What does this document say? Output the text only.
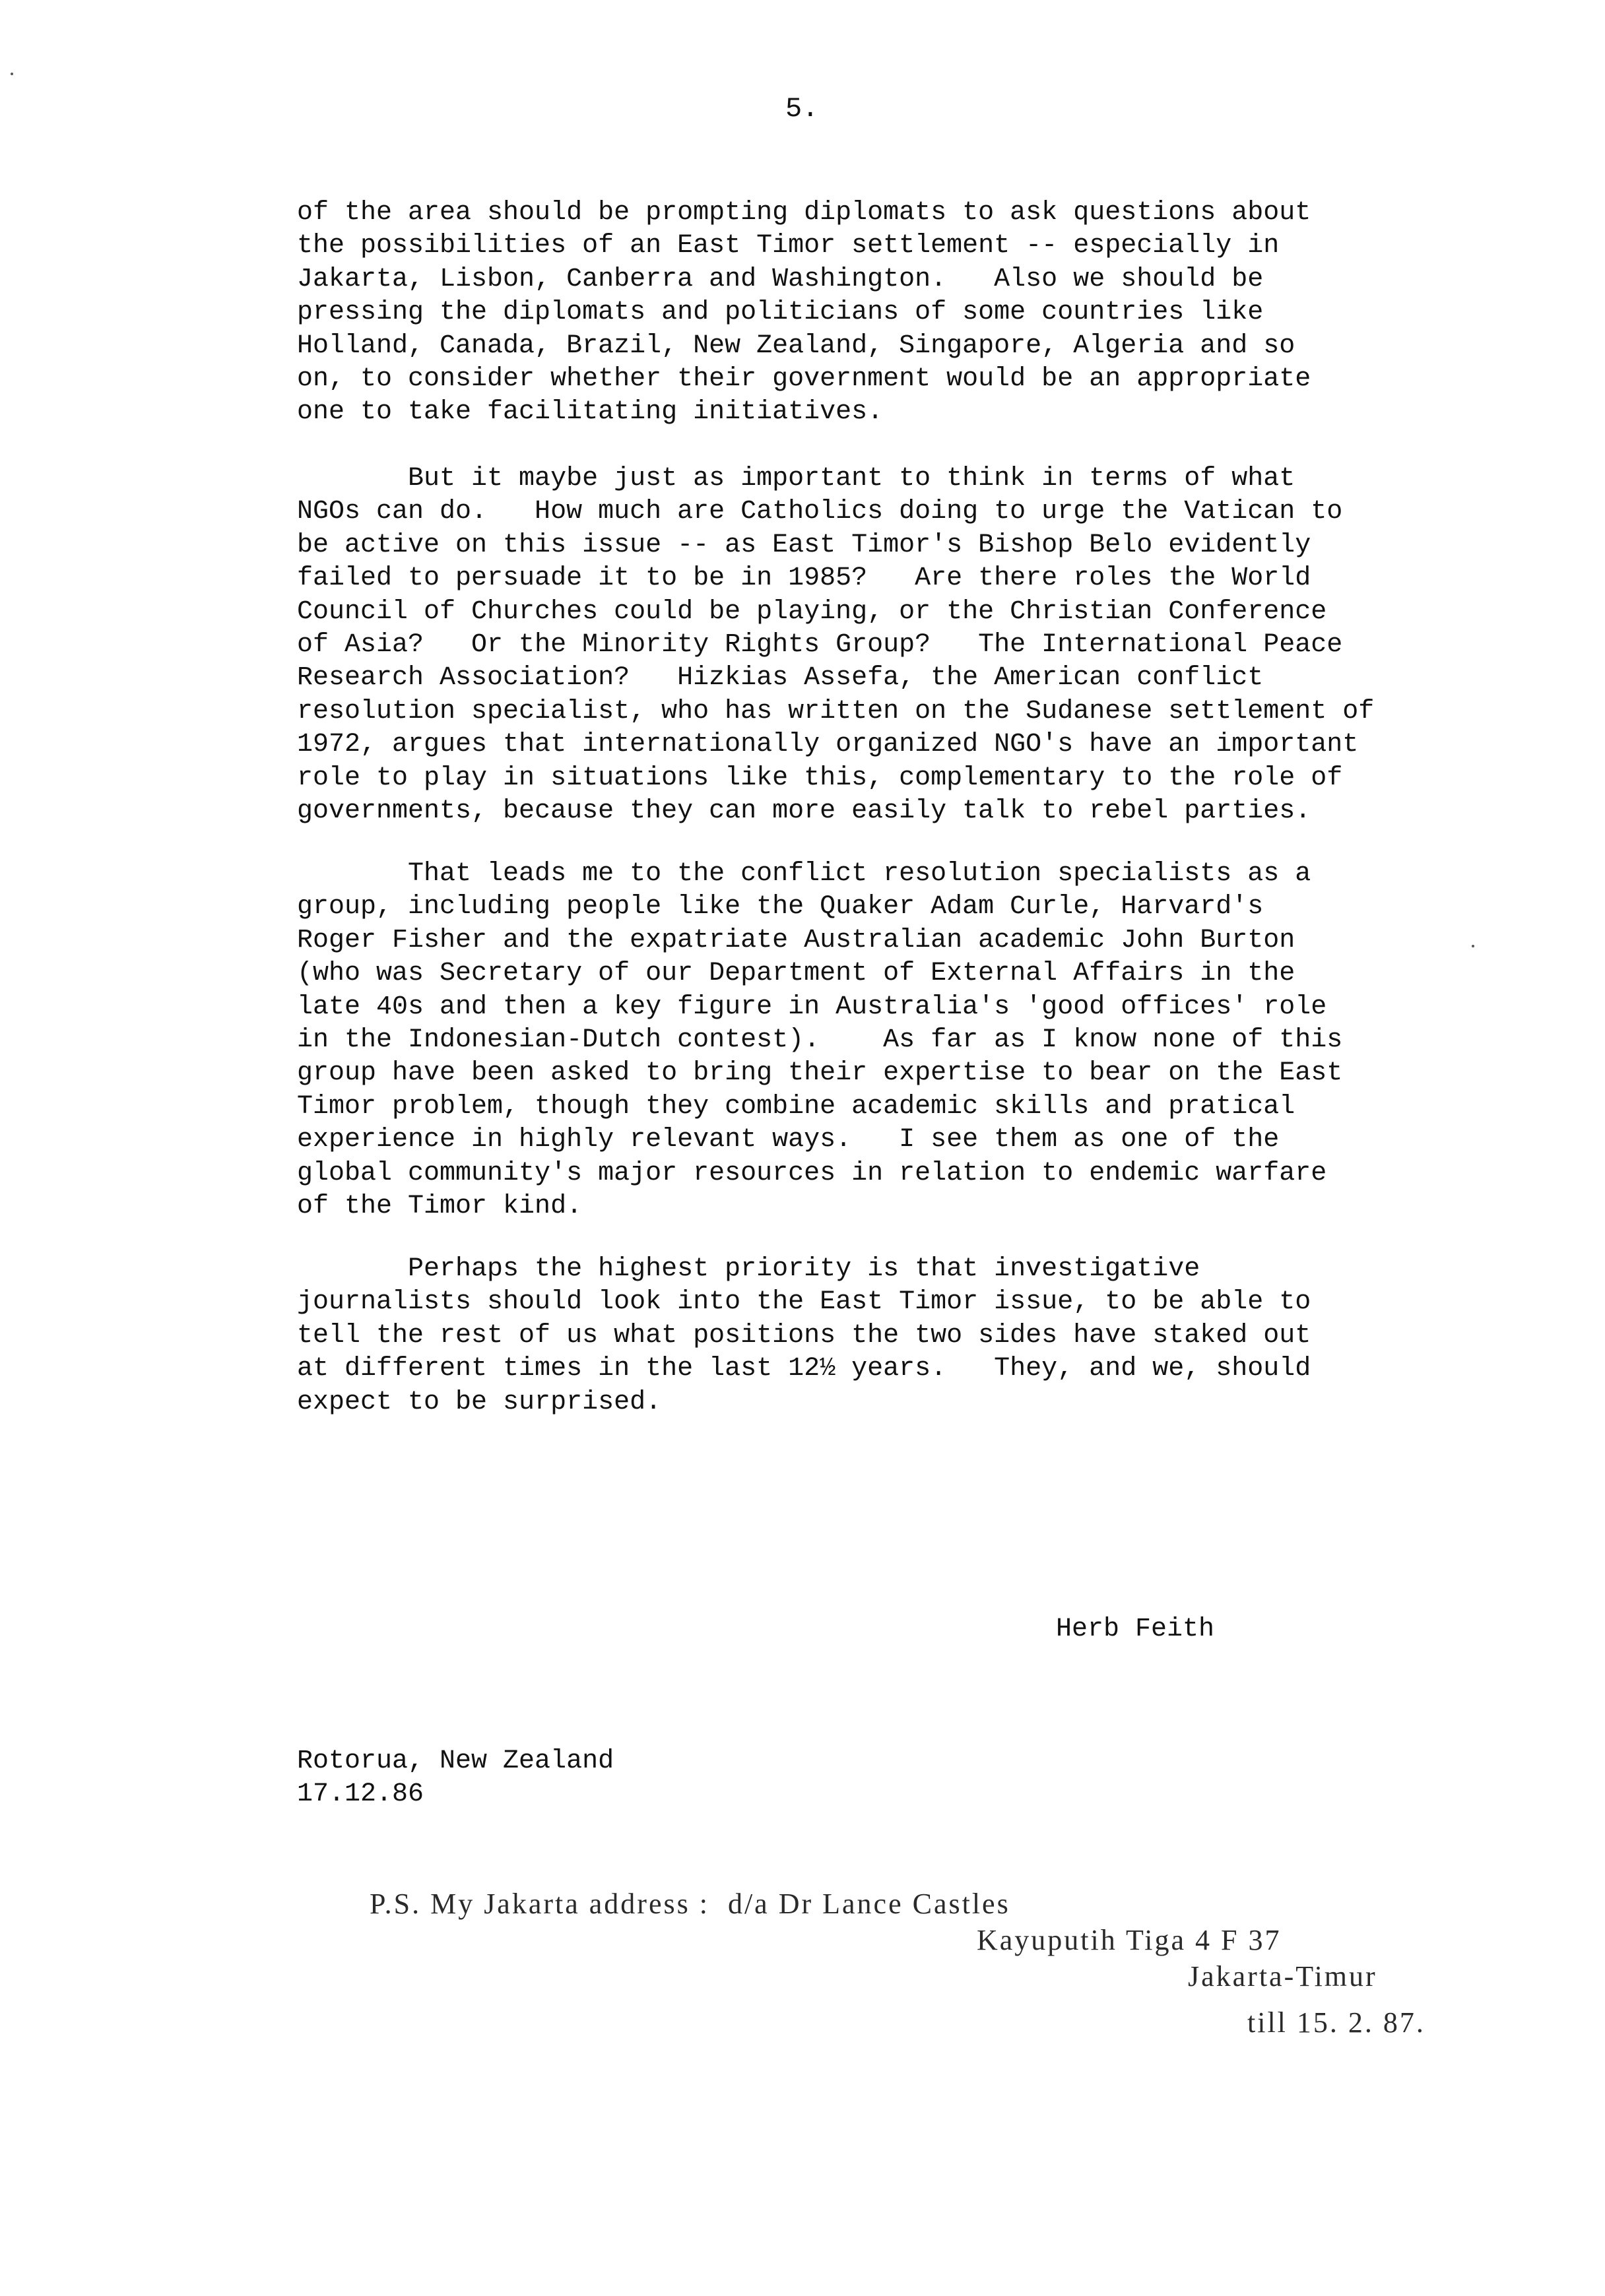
5.

of the area should be prompting diplomats to ask questions about
the possibilities of an East Timor settlement -- especially in
Jakarta, Lisbon, Canberra and Washington.   Also we should be
pressing the diplomats and politicians of some countries like
Holland, Canada, Brazil, New Zealand, Singapore, Algeria and so
on, to consider whether their government would be an appropriate
one to take facilitating initiatives.

But it maybe just as important to think in terms of what
NGOs can do.   How much are Catholics doing to urge the Vatican to
be active on this issue -- as East Timor's Bishop Belo evidently
failed to persuade it to be in 1985?   Are there roles the World
Council of Churches could be playing, or the Christian Conference
of Asia?   Or the Minority Rights Group?   The International Peace
Research Association?   Hizkias Assefa, the American conflict
resolution specialist, who has written on the Sudanese settlement of
1972, argues that internationally organized NGO's have an important
role to play in situations like this, complementary to the role of
governments, because they can more easily talk to rebel parties.

That leads me to the conflict resolution specialists as a
group, including people like the Quaker Adam Curle, Harvard's
Roger Fisher and the expatriate Australian academic John Burton
(who was Secretary of our Department of External Affairs in the
late 40s and then a key figure in Australia's 'good offices' role
in the Indonesian-Dutch contest).    As far as I know none of this
group have been asked to bring their expertise to bear on the East
Timor problem, though they combine academic skills and pratical
experience in highly relevant ways.   I see them as one of the
global community's major resources in relation to endemic warfare
of the Timor kind.

Perhaps the highest priority is that investigative
journalists should look into the East Timor issue, to be able to
tell the rest of us what positions the two sides have staked out
at different times in the last 12½ years.   They, and we, should
expect to be surprised.

Herb Feith
Rotorua, New Zealand
17.12.86

P.S. My Jakarta address :  d/a Dr Lance Castles

Kayuputih Tiga 4 F 37

Jakarta-Timur

till 15. 2. 87.
